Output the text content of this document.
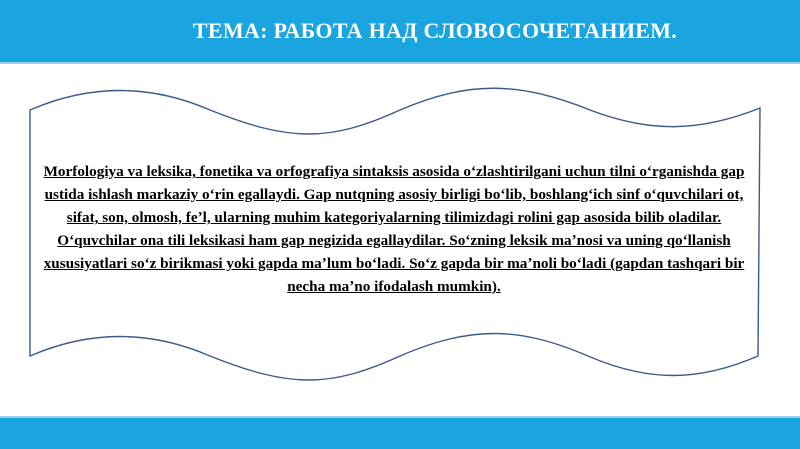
ТЕМА: РАБОТА НАД СЛОВОСОЧЕТАНИЕМ.

Morfologiya va leksika, fonetika va orfografiya sintaksis asosida oʻzlashtirilgani uchun tilni oʻrganishda gap ustida ishlash markaziy oʻrin egallaydi. Gap nutqning asosiy birligi boʻlib, boshlangʻich sinf oʻquvchilari ot, sifat, son, olmosh, feʼl, ularning muhim kategoriyalarning tilimizdagi rolini gap asosida bilib oladilar. Oʻquvchilar ona tili leksikasi ham gap negizida egallaydilar. Soʻzning leksik maʼnosi va uning qoʻllanish xususiyatlari soʻz birikmasi yoki gapda maʼlum boʻladi. Soʻz gapda bir maʼnoli boʻladi (gapdan tashqari bir necha maʼno ifodalash mumkin).
